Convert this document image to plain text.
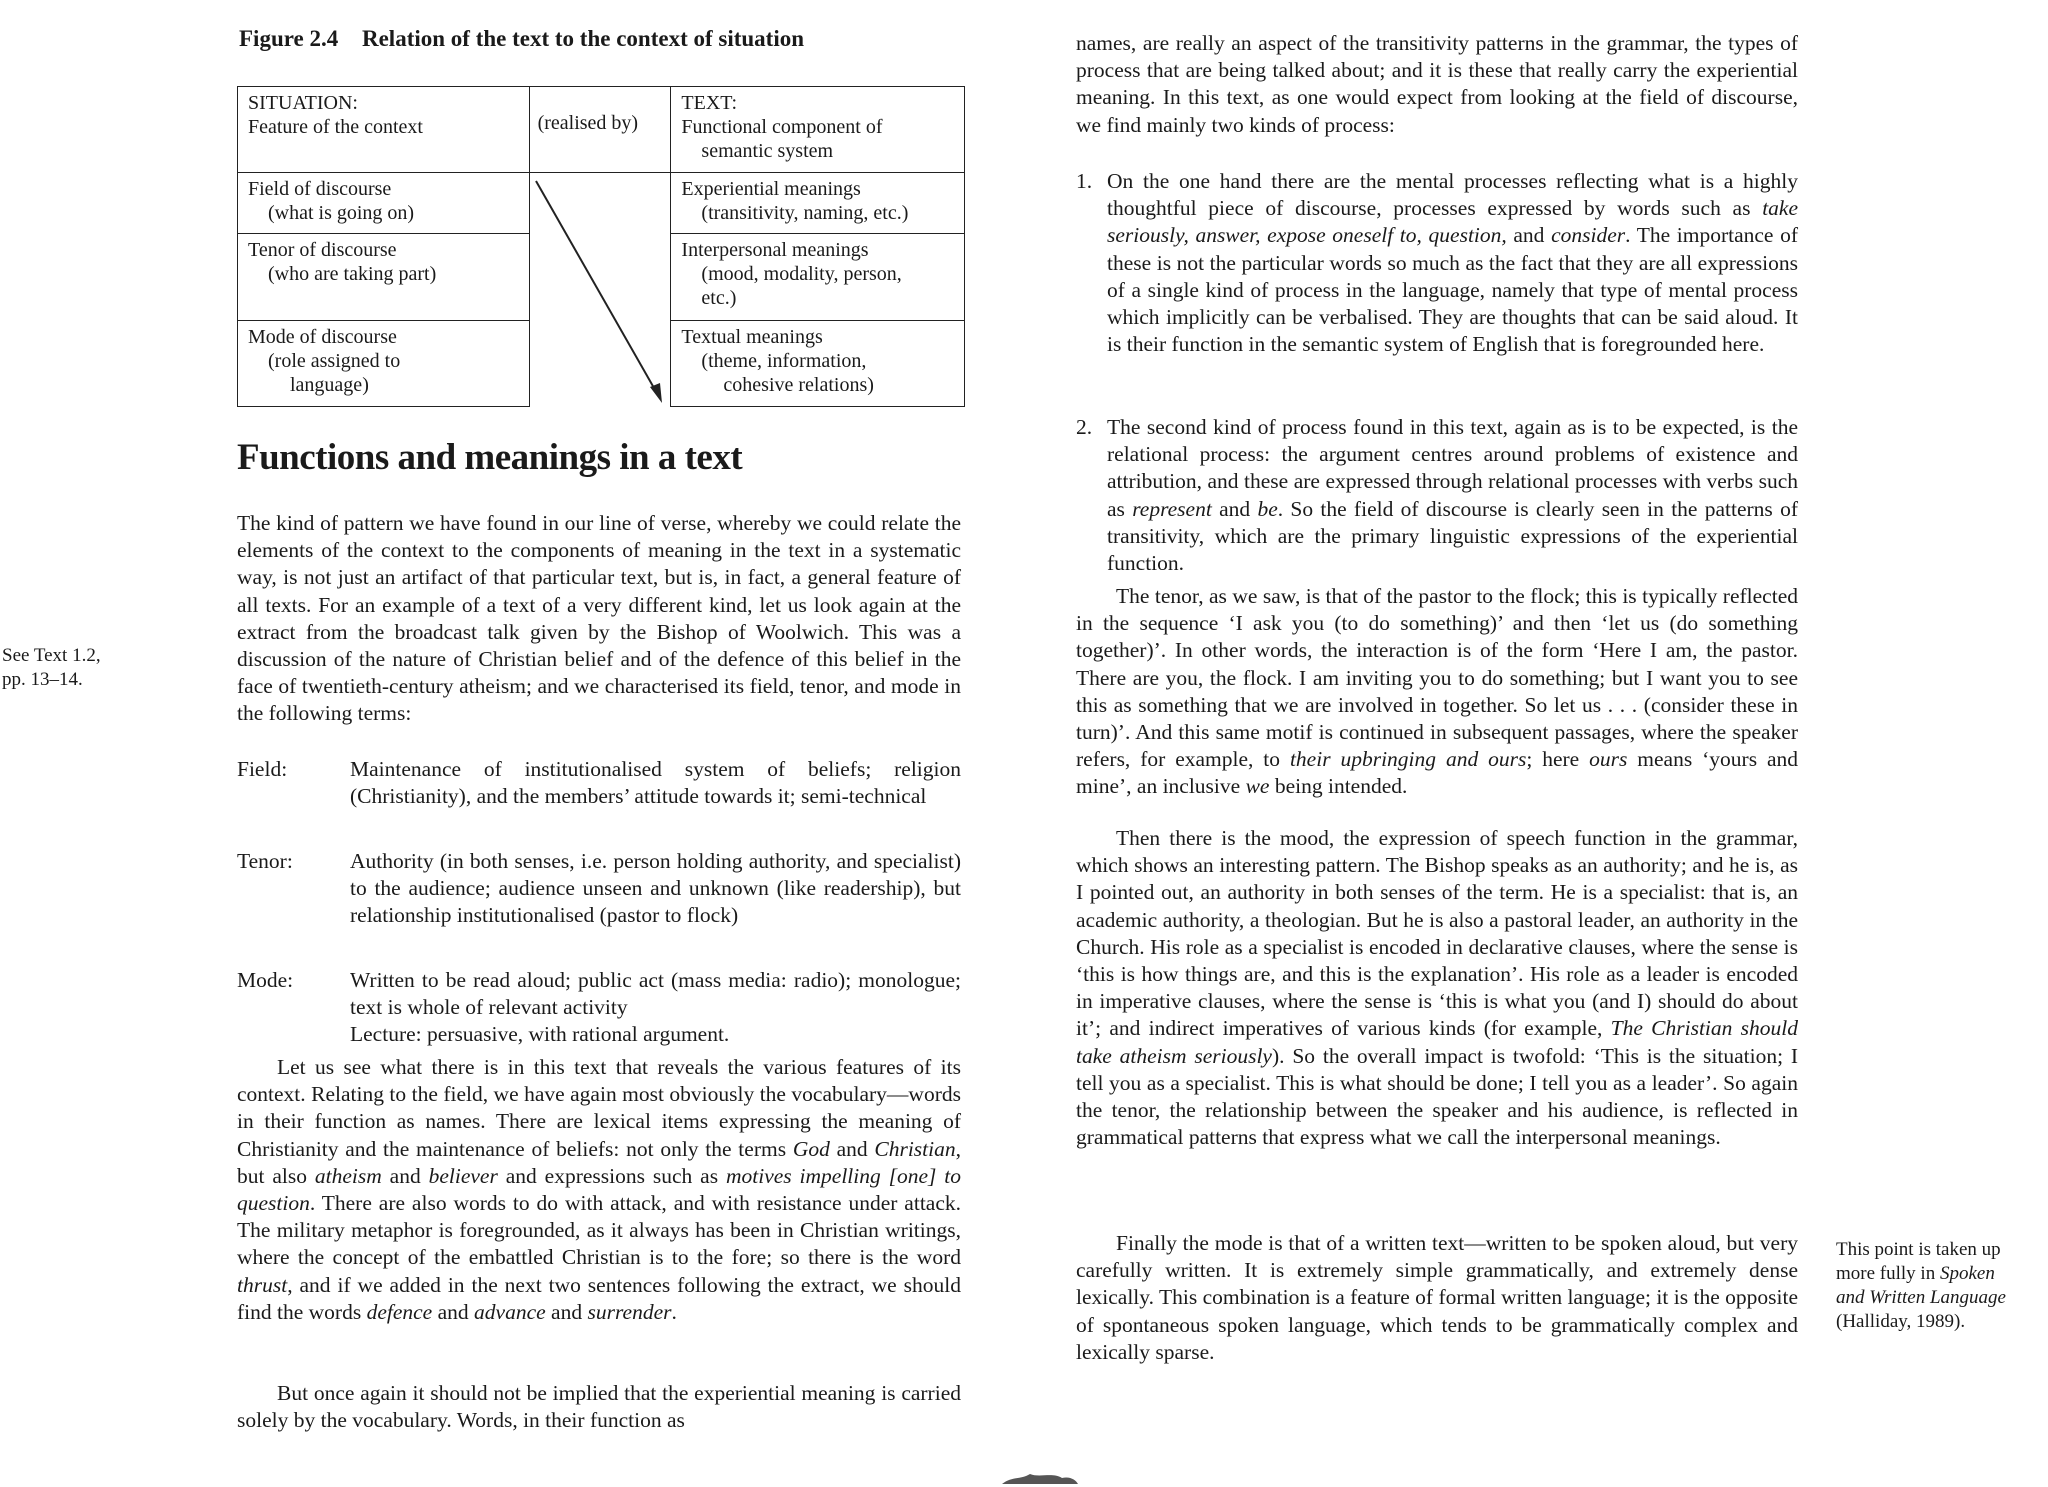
Figure 2.4 Relation of the text to the context of situation
SITUATION:
Feature of the context	(realised by)	TEXT:
Functional component of
semantic system

Field of discourse
(what is going on)		Experiential meanings
(transitivity, naming, etc.)

Tenor of discourse
(who are taking part)		Interpersonal meanings
(mood, modality, person,
etc.)

Mode of discourse
(role assigned to
language)		Textual meanings
(theme, information,
cohesive relations)
Functions and meanings in a text
See Text 1.2,
pp. 13–14.
The kind of pattern we have found in our line of verse, whereby we could relate the elements of the context to the components of meaning in the text in a systematic way, is not just an artifact of that particular text, but is, in fact, a general feature of all texts. For an example of a text of a very different kind, let us look again at the extract from the broadcast talk given by the Bishop of Woolwich. This was a discussion of the nature of Christian belief and of the defence of this belief in the face of twentieth-century atheism; and we characterised its field, tenor, and mode in the following terms:
Field:	Maintenance of institutionalised system of beliefs; religion (Christianity), and the members’ attitude towards it; semi-technical
Tenor:	Authority (in both senses, i.e. person holding authority, and specialist) to the audience; audience unseen and unknown (like readership), but relationship institutionalised (pastor to flock)
Mode:	Written to be read aloud; public act (mass media: radio); monologue; text is whole of relevant activity
Lecture: persuasive, with rational argument.
Let us see what there is in this text that reveals the various features of its context. Relating to the field, we have again most obviously the vocabulary—words in their function as names. There are lexical items expressing the meaning of Christianity and the maintenance of beliefs: not only the terms God and Christian, but also atheism and believer and expressions such as motives impelling [one] to question. There are also words to do with attack, and with resistance under attack. The military metaphor is foregrounded, as it always has been in Christian writings, where the concept of the embattled Christian is to the fore; so there is the word thrust, and if we added in the next two sentences following the extract, we should find the words defence and advance and surrender.
But once again it should not be implied that the experiential meaning is carried solely by the vocabulary. Words, in their function as
names, are really an aspect of the transitivity patterns in the grammar, the types of process that are being talked about; and it is these that really carry the experiential meaning. In this text, as one would expect from looking at the field of discourse, we find mainly two kinds of process:
1. On the one hand there are the mental processes reflecting what is a highly thoughtful piece of discourse, processes expressed by words such as take seriously, answer, expose oneself to, question, and consider. The importance of these is not the particular words so much as the fact that they are all expressions of a single kind of process in the language, namely that type of mental process which implicitly can be verbalised. They are thoughts that can be said aloud. It is their function in the semantic system of English that is foregrounded here.
2. The second kind of process found in this text, again as is to be expected, is the relational process: the argument centres around problems of existence and attribution, and these are expressed through relational processes with verbs such as represent and be. So the field of discourse is clearly seen in the patterns of transitivity, which are the primary linguistic expressions of the experiential function.
The tenor, as we saw, is that of the pastor to the flock; this is typically reflected in the sequence ‘I ask you (to do something)’ and then ‘let us (do something together)’. In other words, the interaction is of the form ‘Here I am, the pastor. There are you, the flock. I am inviting you to do something; but I want you to see this as something that we are involved in together. So let us . . . (consider these in turn)’. And this same motif is continued in subsequent passages, where the speaker refers, for example, to their upbringing and ours; here ours means ‘yours and mine’, an inclusive we being intended.
Then there is the mood, the expression of speech function in the grammar, which shows an interesting pattern. The Bishop speaks as an authority; and he is, as I pointed out, an authority in both senses of the term. He is a specialist: that is, an academic authority, a theologian. But he is also a pastoral leader, an authority in the Church. His role as a specialist is encoded in declarative clauses, where the sense is ‘this is how things are, and this is the explanation’. His role as a leader is encoded in imperative clauses, where the sense is ‘this is what you (and I) should do about it’; and indirect imperatives of various kinds (for example, The Christian should take atheism seriously). So the overall impact is twofold: ‘This is the situation; I tell you as a specialist. This is what should be done; I tell you as a leader’. So again the tenor, the relationship between the speaker and his audience, is reflected in grammatical patterns that express what we call the interpersonal meanings.
Finally the mode is that of a written text—written to be spoken aloud, but very carefully written. It is extremely simple grammatically, and extremely dense lexically. This combination is a feature of formal written language; it is the opposite of spontaneous spoken language, which tends to be grammatically complex and lexically sparse.
This point is taken up
more fully in Spoken
and Written Language
(Halliday, 1989).
